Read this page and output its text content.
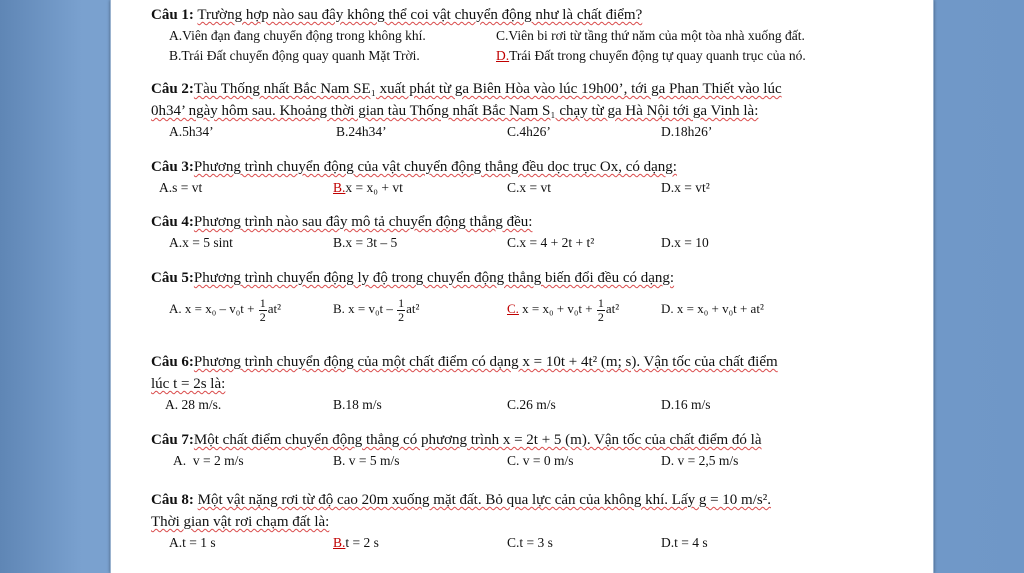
Câu 1: Trường hợp nào sau đây không thể coi vật chuyển động như là chất điểm?
A.Viên đạn đang chuyển động trong không khí.	C.Viên bi rơi từ tầng thứ năm của một tòa nhà xuống đất.
B.Trái Đất chuyển động quay quanh Mặt Trời.	D.Trái Đất trong chuyển động tự quay quanh trục của nó.
Câu 2:Tàu Thống nhất Bắc Nam SE₁ xuất phát từ ga Biên Hòa vào lúc 19h00’, tới ga Phan Thiết vào lúc
0h34’ ngày hôm sau. Khoảng thời gian tàu Thống nhất Bắc Nam S₁ chạy từ ga Hà Nội tới ga Vinh là:
A.5h34’	B.24h34’	C.4h26’	D.18h26’
Câu 3:Phương trình chuyển động của vật chuyển động thẳng đều dọc trục Ox, có dạng:
A.s = vt	B.x = x₀ + vt	C.x = vt	D.x = vt²
Câu 4:Phương trình nào sau đây mô tả chuyển động thẳng đều:
A.x = 5 sint	B.x = 3t – 5	C.x = 4 + 2t + t²	D.x = 10
Câu 5:Phương trình chuyển động ly độ trong chuyển động thẳng biến đổi đều có dạng:
A. $x = x_0 - v_0t + \frac{1}{2} at^2$	B. $x = v_0t - \frac{1}{2} at^2$	C. $x = x_0 + v_0t + \frac{1}{2} at^2$	D. x = x₀ + v₀t + at²
Câu 6:Phương trình chuyển động của một chất điểm có dạng x = 10t + 4t² (m; s). Vận tốc của chất điểm
lúc t = 2s là:
A. 28 m/s.	B.18 m/s	C.26 m/s	D.16 m/s
Câu 7:Một chất điểm chuyển động thẳng có phương trình x = 2t + 5 (m). Vận tốc của chất điểm đó là
A. v = 2 m/s	B. v = 5 m/s	C. v = 0 m/s	D. v = 2,5 m/s
Câu 8: Một vật nặng rơi từ độ cao 20m xuống mặt đất. Bỏ qua lực cản của không khí. Lấy g = 10 m/s².
Thời gian vật rơi chạm đất là:
A.t = 1 s	B.t = 2 s	C.t = 3 s	D.t = 4 s
